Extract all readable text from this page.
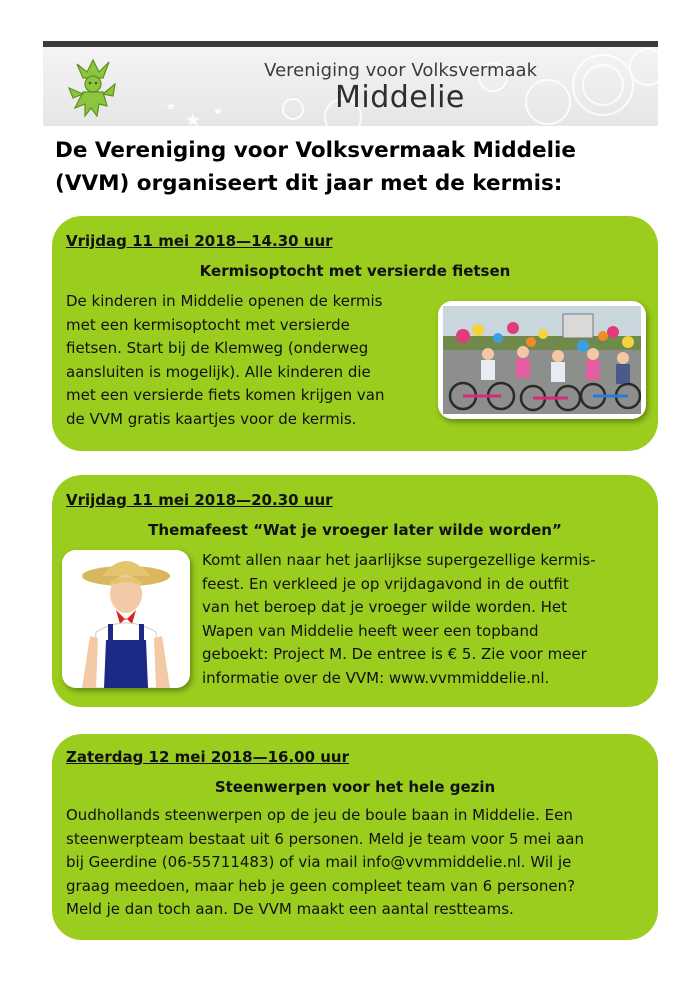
Vereniging voor Volksvermaak
Middelie
De Vereniging voor Volksvermaak Middelie
(VVM) organiseert dit jaar met de kermis:
Vrijdag 11 mei 2018—14.30 uur
Kermisoptocht met versierde fietsen
De kinderen in Middelie openen de kermis
met een kermisoptocht met versierde
fietsen. Start bij de Klemweg (onderweg
aansluiten is mogelijk). Alle kinderen die
met een versierde fiets komen krijgen van
de VVM gratis kaartjes voor de kermis.
Vrijdag 11 mei 2018—20.30 uur
Themafeest “Wat je vroeger later wilde worden”
Komt allen naar het jaarlijkse supergezellige kermis-
feest. En verkleed je op vrijdagavond in de outfit
van het beroep dat je vroeger wilde worden. Het
Wapen van Middelie heeft weer een topband
geboekt: Project M. De entree is € 5. Zie voor meer
informatie over de VVM: www.vvmmiddelie.nl.
Zaterdag 12 mei 2018—16.00 uur
Steenwerpen voor het hele gezin
Oudhollands steenwerpen op de jeu de boule baan in Middelie. Een
steenwerpteam bestaat uit 6 personen. Meld je team voor 5 mei aan
bij Geerdine (06-55711483) of via mail info@vvmmiddelie.nl. Wil je
graag meedoen, maar heb je geen compleet team van 6 personen?
Meld je dan toch aan. De VVM maakt een aantal restteams.
